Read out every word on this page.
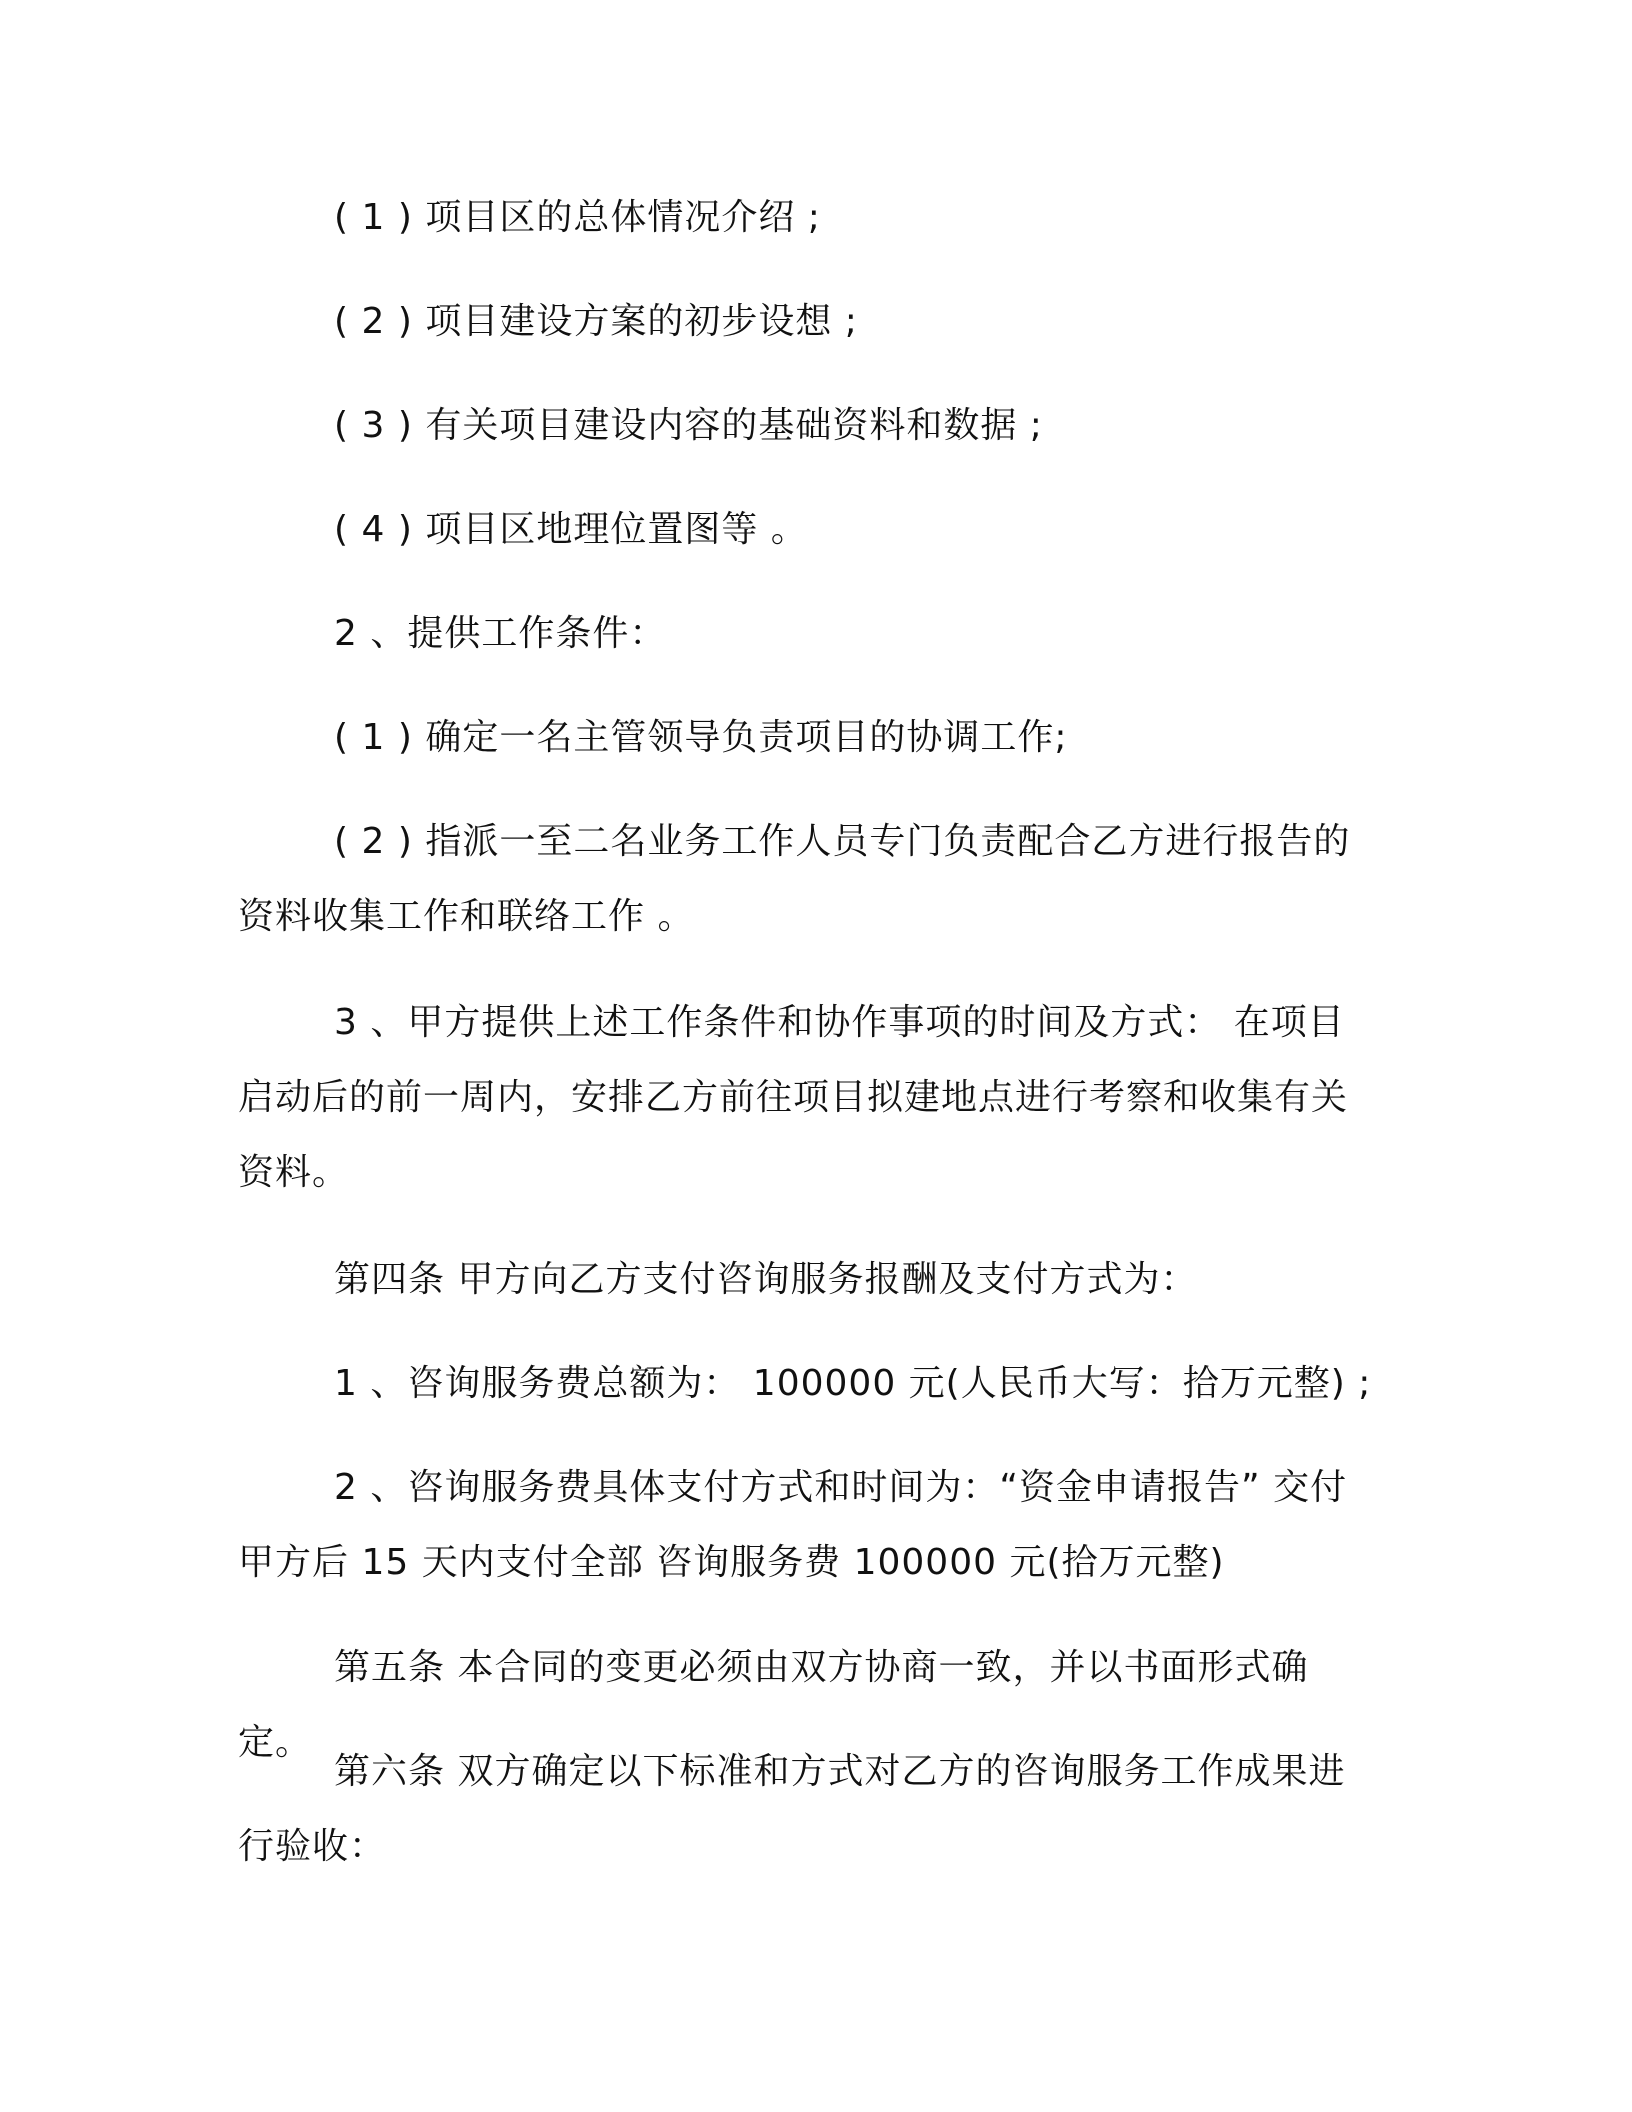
( 1 ) 项目区的总体情况介绍 ;

( 2 ) 项目建设方案的初步设想 ;

( 3 ) 有关项目建设内容的基础资料和数据 ;

( 4 ) 项目区地理位置图等 。

2 、提供工作条件：

( 1 ) 确定一名主管领导负责项目的协调工作;

( 2 ) 指派一至二名业务工作人员专门负责配合乙方进行报告的资料收集工作和联络工作 。

3 、甲方提供上述工作条件和协作事项的时间及方式： 在项目启动后的前一周内，安排乙方前往项目拟建地点进行考察和收集有关资料。

第四条 甲方向乙方支付咨询服务报酬及支付方式为：

1 、咨询服务费总额为： 100000 元(人民币大写：拾万元整) ;

2 、咨询服务费具体支付方式和时间为：“资金申请报告” 交付甲方后 15 天内支付全部 咨询服务费 100000 元(拾万元整)

第五条 本合同的变更必须由双方协商一致，并以书面形式确定。

第六条 双方确定以下标准和方式对乙方的咨询服务工作成果进行验收：
